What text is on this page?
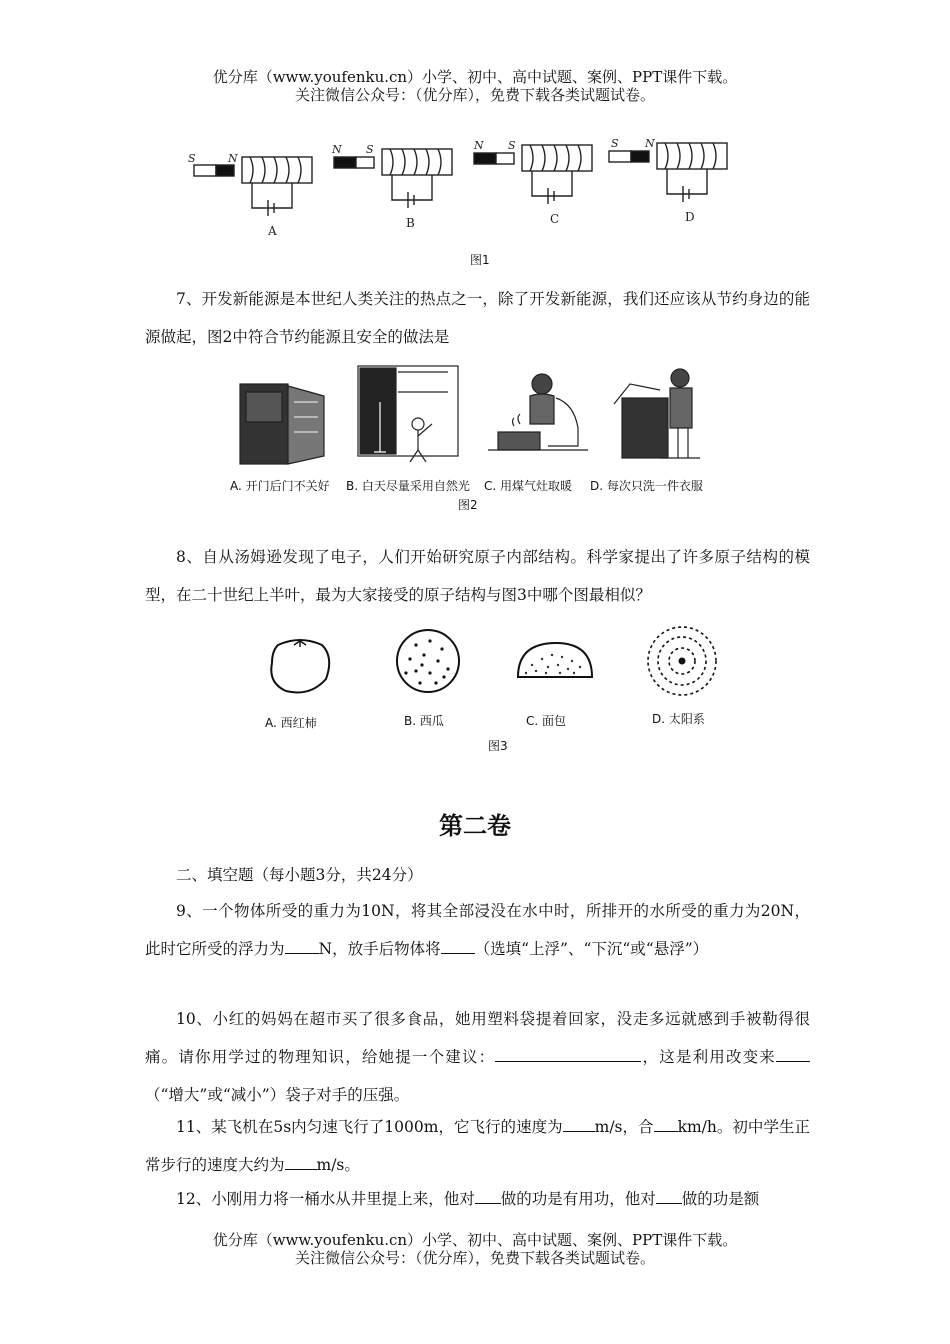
优分库（www.youfenku.cn）小学、初中、高中试题、案例、PPT课件下载。
关注微信公众号：（优分库），免费下载各类试题试卷。
S	N
A
N S
B
N S
C
S N
D
图1
7、开发新能源是本世纪人类关注的热点之一，除了开发新能源，我们还应该从节约身边的能源做起，图2中符合节约能源且安全的做法是
A. 开门后门不关好 B. 白天尽量采用自然光 C. 用煤气灶取暖 D. 每次只洗一件衣服
图2
8、自从汤姆逊发现了电子，人们开始研究原子内部结构。科学家提出了许多原子结构的模型，在二十世纪上半叶，最为大家接受的原子结构与图3中哪个图最相似？
A. 西红柿	B. 西瓜	C. 面包	D. 太阳系
图3
第二卷
二、填空题（每小题3分，共24分）
9、一个物体所受的重力为10N，将其全部浸没在水中时，所排开的水所受的重力为20N，此时它所受的浮力为 N，放手后物体将 （选填“上浮”、“下沉“或“悬浮”）
10、小红的妈妈在超市买了很多食品，她用塑料袋提着回家，没走多远就感到手被勒得很痛。请你用学过的物理知识，给她提一个建议：	，这是利用改变来（“增大”或“减小”）袋子对手的压强。
11、某飞机在5s内匀速飞行了1000m，它飞行的速度为 m/s，合 km/h。初中学生正常步行的速度大约为 m/s。
12、小刚用力将一桶水从井里提上来，他对 做的功是有用功，他对 做的功是额
优分库（www.youfenku.cn）小学、初中、高中试题、案例、PPT课件下载。
关注微信公众号：（优分库），免费下载各类试题试卷。
